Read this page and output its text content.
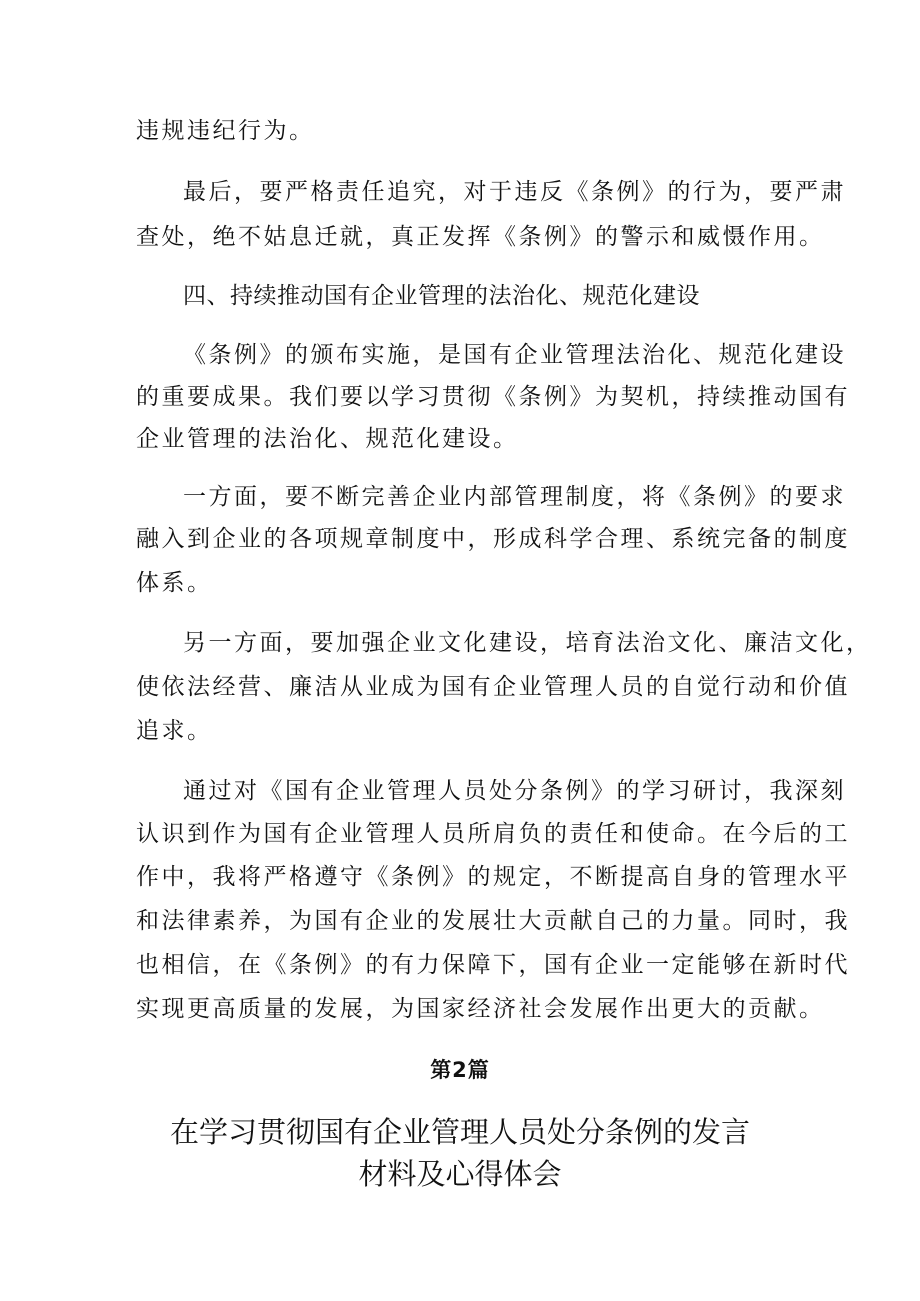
违规违纪行为。
最后，要严格责任追究，对于违反《条例》的行为，要严肃
查处，绝不姑息迁就，真正发挥《条例》的警示和威慑作用。
四、持续推动国有企业管理的法治化、规范化建设
《条例》的颁布实施，是国有企业管理法治化、规范化建设
的重要成果。我们要以学习贯彻《条例》为契机，持续推动国有
企业管理的法治化、规范化建设。
一方面，要不断完善企业内部管理制度，将《条例》的要求
融入到企业的各项规章制度中，形成科学合理、系统完备的制度
体系。
另一方面，要加强企业文化建设，培育法治文化、廉洁文化，
使依法经营、廉洁从业成为国有企业管理人员的自觉行动和价值
追求。
通过对《国有企业管理人员处分条例》的学习研讨，我深刻
认识到作为国有企业管理人员所肩负的责任和使命。在今后的工
作中，我将严格遵守《条例》的规定，不断提高自身的管理水平
和法律素养，为国有企业的发展壮大贡献自己的力量。同时，我
也相信，在《条例》的有力保障下，国有企业一定能够在新时代
实现更高质量的发展，为国家经济社会发展作出更大的贡献。
第2篇
在学习贯彻国有企业管理人员处分条例的发言
材料及心得体会
